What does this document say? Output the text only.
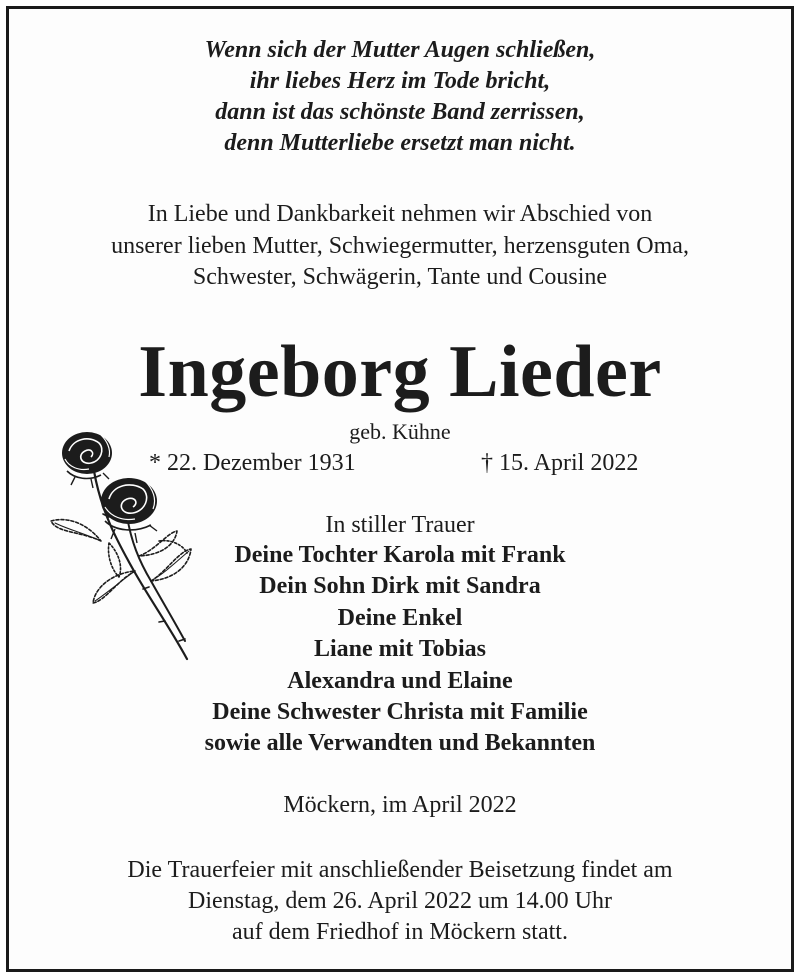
Wenn sich der Mutter Augen schließen,
ihr liebes Herz im Tode bricht,
dann ist das schönste Band zerrissen,
denn Mutterliebe ersetzt man nicht.

In Liebe und Dankbarkeit nehmen wir Abschied von
unserer lieben Mutter, Schwiegermutter, herzensguten Oma,
Schwester, Schwägerin, Tante und Cousine

Ingeborg Lieder
geb. Kühne
* 22. Dezember 1931	† 15. April 2022
In stiller Trauer
Deine Tochter Karola mit Frank
Dein Sohn Dirk mit Sandra
Deine Enkel
Liane mit Tobias
Alexandra und Elaine
Deine Schwester Christa mit Familie
sowie alle Verwandten und Bekannten
Möckern, im April 2022

Die Trauerfeier mit anschließender Beisetzung findet am
Dienstag, dem 26. April 2022 um 14.00 Uhr
auf dem Friedhof in Möckern statt.
